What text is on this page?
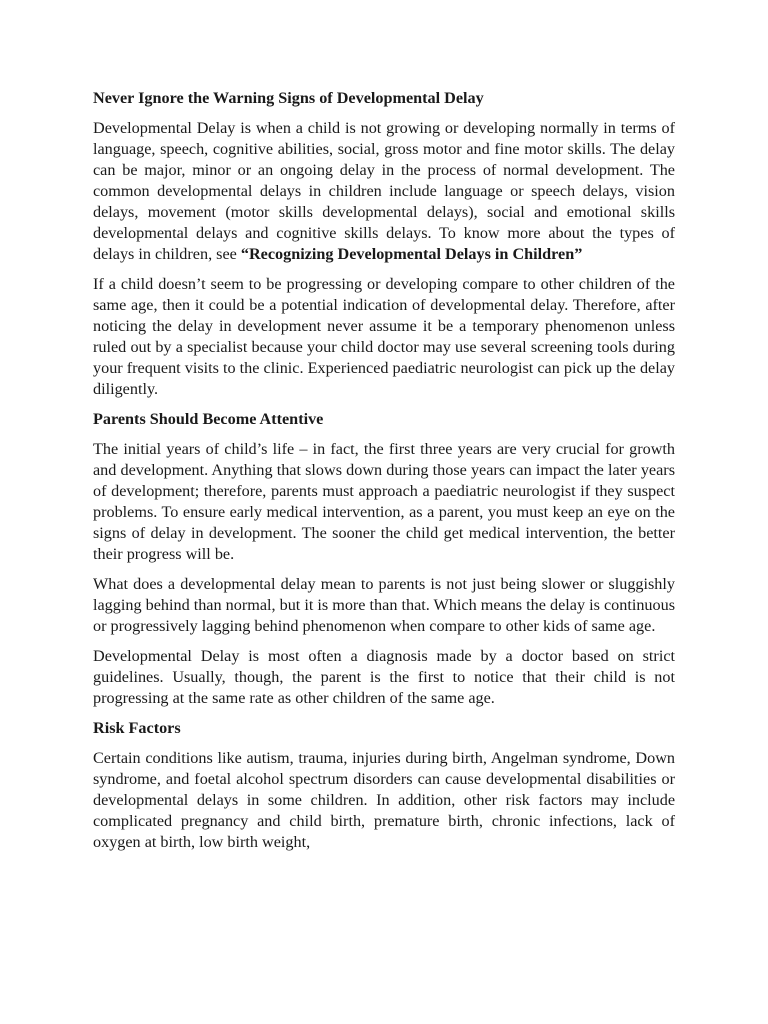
Never Ignore the Warning Signs of Developmental Delay

Developmental Delay is when a child is not growing or developing normally in terms of language, speech, cognitive abilities, social, gross motor and fine motor skills. The delay can be major, minor or an ongoing delay in the process of normal development. The common developmental delays in children include language or speech delays, vision delays, movement (motor skills developmental delays), social and emotional skills developmental delays and cognitive skills delays. To know more about the types of delays in children, see “Recognizing Developmental Delays in Children”

If a child doesn’t seem to be progressing or developing compare to other children of the same age, then it could be a potential indication of developmental delay. Therefore, after noticing the delay in development never assume it be a temporary phenomenon unless ruled out by a specialist because your child doctor may use several screening tools during your frequent visits to the clinic. Experienced paediatric neurologist can pick up the delay diligently.

Parents Should Become Attentive

The initial years of child’s life – in fact, the first three years are very crucial for growth and development. Anything that slows down during those years can impact the later years of development; therefore, parents must approach a paediatric neurologist if they suspect problems. To ensure early medical intervention, as a parent, you must keep an eye on the signs of delay in development. The sooner the child get medical intervention, the better their progress will be.

What does a developmental delay mean to parents is not just being slower or sluggishly lagging behind than normal, but it is more than that. Which means the delay is continuous or progressively lagging behind phenomenon when compare to other kids of same age.

Developmental Delay is most often a diagnosis made by a doctor based on strict guidelines. Usually, though, the parent is the first to notice that their child is not progressing at the same rate as other children of the same age.

Risk Factors

Certain conditions like autism, trauma, injuries during birth, Angelman syndrome, Down syndrome, and foetal alcohol spectrum disorders can cause developmental disabilities or developmental delays in some children. In addition, other risk factors may include complicated pregnancy and child birth, premature birth, chronic infections, lack of oxygen at birth, low birth weight,
